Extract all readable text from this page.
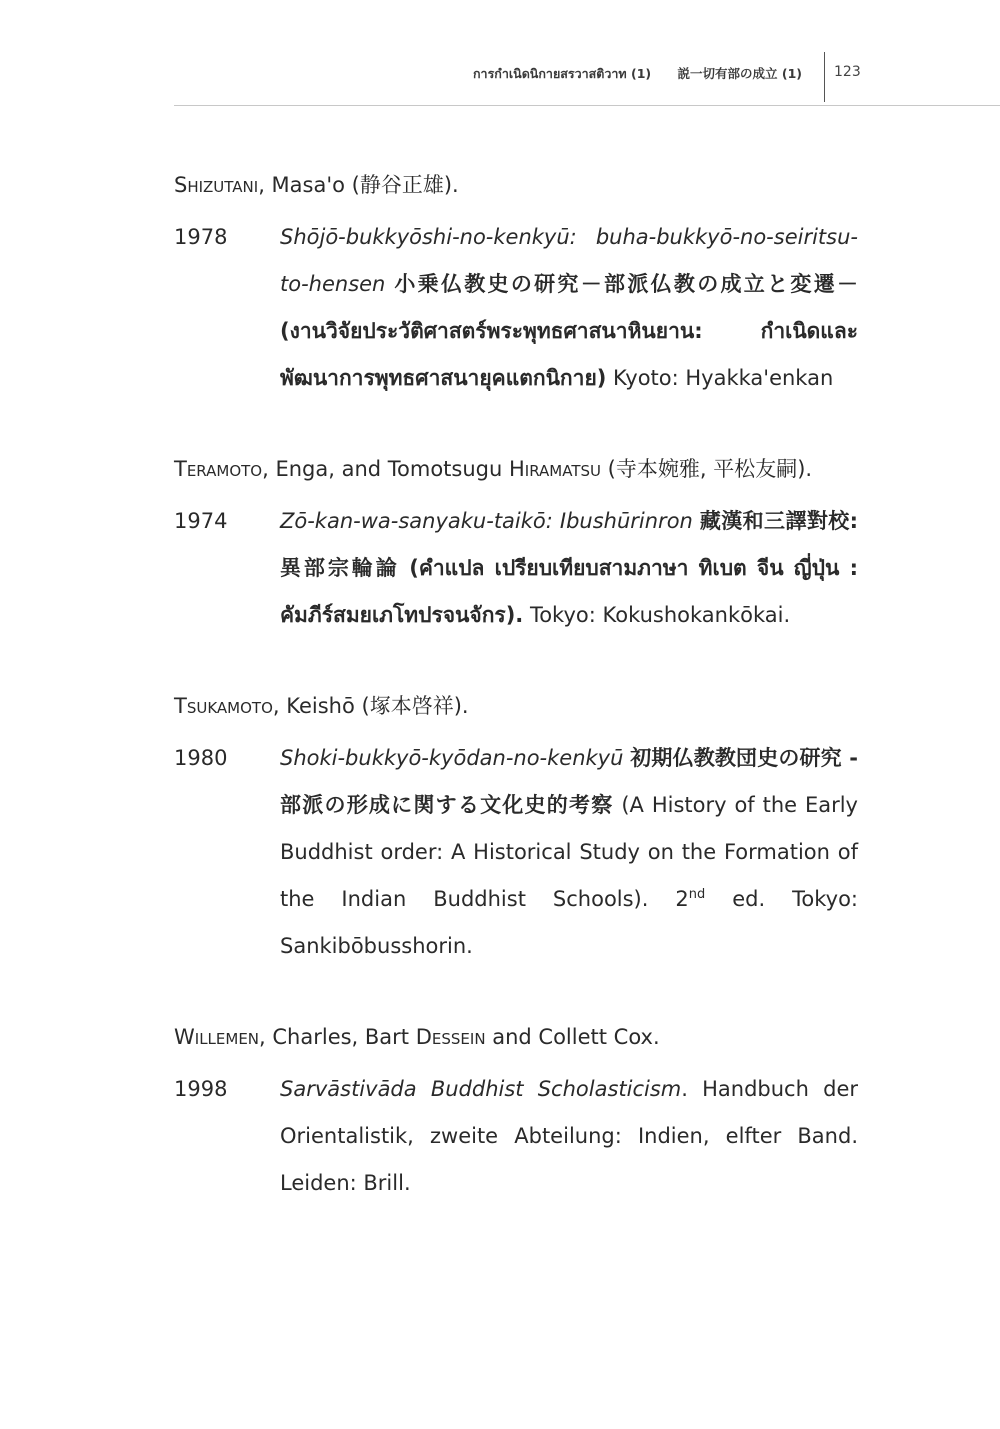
การกำเนิดนิกายสรวาสติวาท (1) 説一切有部の成立 (1) 123
Shizutani, Masa'o (静谷正雄).
1978	Shōjō-bukkyōshi-no-kenkyū: buha-bukkyō-no-seiritsu-to-hensen 小乗仏教史の研究－部派仏教の成立と変遷－ (งานวิจัยประวัติศาสตร์พระพุทธศาสนาหินยาน: กำเนิดและพัฒนาการพุทธศาสนายุคแตกนิกาย) Kyoto: Hyakka'enkan
Teramoto, Enga, and Tomotsugu Hiramatsu (寺本婉雅, 平松友嗣).
1974	Zō-kan-wa-sanyaku-taikō: Ibushūrinron 藏漢和三譯對校: 異部宗輪論 (คำแปล เปรียบเทียบสามภาษา ทิเบต จีน ญี่ปุ่น : คัมภีร์สมยเภโทปรจนจักร). Tokyo: Kokushokankōkai.
Tsukamoto, Keishō (塚本啓祥).
1980	Shoki-bukkyō-kyōdan-no-kenkyū 初期仏教教団史の研究 -部派の形成に関する文化史的考察 (A History of the Early Buddhist order: A Historical Study on the Formation of the Indian Buddhist Schools). 2nd ed. Tokyo: Sankibōbusshorin.
Willemen, Charles, Bart Dessein and Collett Cox.
1998	Sarvāstivāda Buddhist Scholasticism. Handbuch der Orientalistik, zweite Abteilung: Indien, elfter Band. Leiden: Brill.
